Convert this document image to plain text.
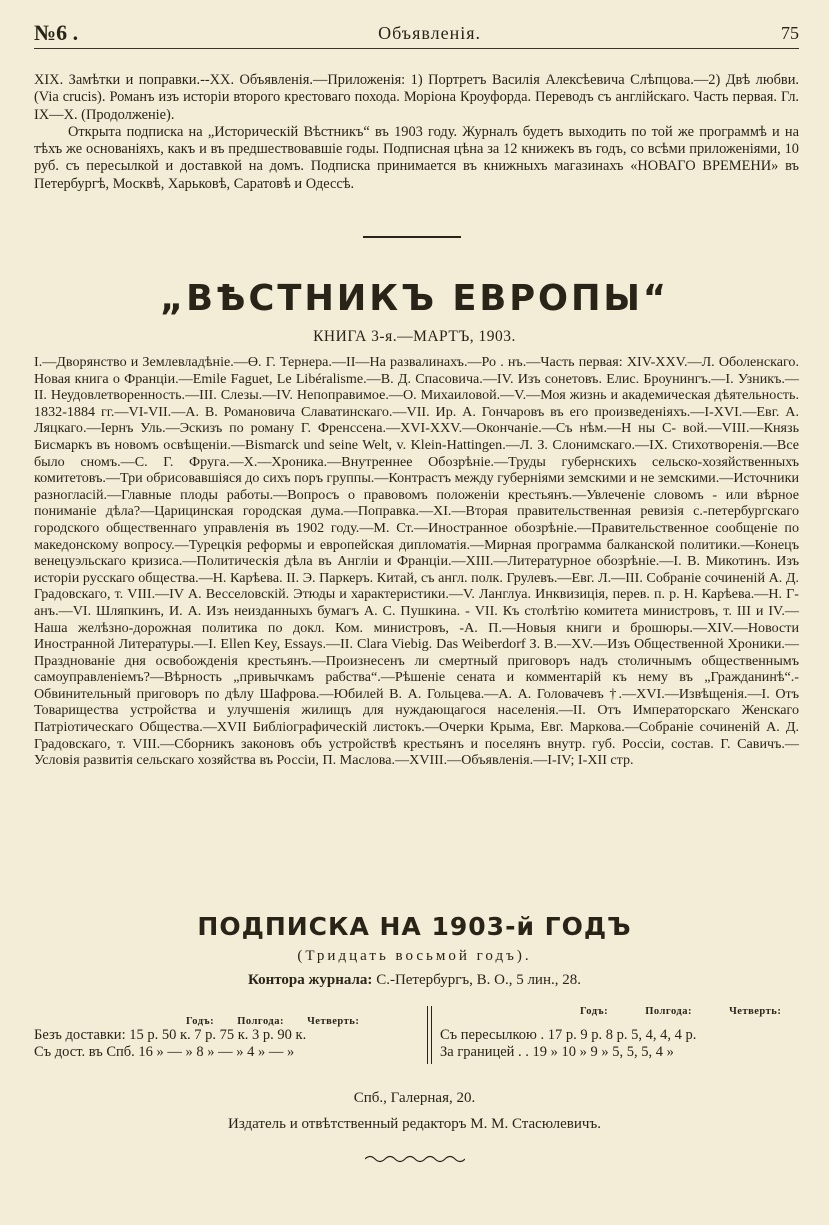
№6 .	Объявленія.	75

XIX. Замѣтки и поправки.--XX. Объявленія.—Приложенія: 1) Портретъ Василія Алексѣевича Слѣпцова.—2) Двѣ любви. (Via crucis). Романъ изъ исторіи второго крестоваго похода. Моріона Кроуфорда. Переводъ съ англійскаго. Часть первая. Гл. IX—X. (Продолженіе).

Открыта подписка на „Историческій Вѣстникъ“ въ 1903 году. Журналъ будетъ выходить по той же программѣ и на тѣхъ же основаніяхъ, какъ и въ предшествовавшіе годы. Подписная цѣна за 12 книжекъ въ годъ, со всѣми приложеніями, 10 руб. съ пересылкой и доставкой на домъ. Подписка принимается въ книжныхъ магазинахъ «НОВАГО ВРЕМЕНИ» въ Петербургѣ, Москвѣ, Харьковѣ, Саратовѣ и Одессѣ.

„ВѢСТНИКЪ ЕВРОПЫ“
КНИГА 3-я.—МАРТЪ, 1903.
I.—Дворянство и Землевладѣніе.—Ө. Г. Тернера.—II—На развалинахъ.—Ро . нъ.—Часть первая: XIV-XXV.—Л. Оболенскаго. Новая книга о Франціи.—Emile Faguet, Le Libéralisme.—В. Д. Спасовича.—IV. Изъ сонетовъ. Елис. Броунингъ.—I. Узникъ.—II. Неудовлетворенность.—III. Слезы.—IV. Непоправимое.—О. Михаиловой.—V.—Моя жизнь и академическая дѣятельность. 1832-1884 гг.—VI-VII.—А. В. Романовича Славатинскаго.—VII. Ир. А. Гончаровъ въ его произведеніяхъ.—I-XVI.—Евг. А. Ляцкаго.—Іернъ Уль.—Эскизъ по роману Г. Френссена.—XVI-XXV.—Окончаніе.—Съ нѣм.—Н ны С- вой.—VIII.—Князь Бисмаркъ въ новомъ освѣщеніи.—Bismarck und seine Welt, v. Klein-Hattingen.—Л. З. Слонимскаго.—IX. Стихотворенія.—Все было сномъ.—С. Г. Фруга.—Х.—Хроника.—Внутреннее Обозрѣніе.—Труды губернскихъ сельско-хозяйственныхъ комитетовъ.—Три обрисовавшіяся до сихъ поръ группы.—Контрастъ между губерніями земскими и не земскими.—Источники разногласій.—Главные плоды работы.—Вопросъ о правовомъ положеніи крестьянъ.—Увлеченіе словомъ - или вѣрное пониманіе дѣла?—Царицинская городская дума.—Поправка.—XI.—Вторая правительственная ревизія с.-петербургскаго городского общественнаго управленія въ 1902 году.—М. Ст.—Иностранное обозрѣніе.—Правительственное сообщеніе по македонскому вопросу.—Турецкія реформы и европейская дипломатія.—Мирная программа балканской политики.—Конецъ венецуэльскаго кризиса.—Политическія дѣла въ Англіи и Франціи.—XIII.—Литературное обозрѣніе.—I. В. Микотинъ. Изъ исторіи русскаго общества.—Н. Карѣева. II. Э. Паркеръ. Китай, съ англ. полк. Грулевъ.—Евг. Л.—III. Собраніе сочиненій А. Д. Градовскаго, т. VIII.—IV А. Весcеловскій. Этюды и характеристики.—V. Ланглуа. Инквизиція, перев. п. р. Н. Карѣева.—Н. Г-анъ.—VI. Шляпкинъ, И. А. Изъ неизданныхъ бумагъ А. С. Пушкина. - VII. Къ столѣтію комитета министровъ, т. III и IV.—Наша желѣзно-дорожная политика по докл. Ком. министровъ, -А. П.—Новыя книги и брошюры.—XIV.—Новости Иностранной Литературы.—I. Ellen Key, Essays.—II. Clara Viebig. Das Weiberdorf З. В.—XV.—Изъ Общественной Хроники.—Празднованіе дня освобожденія крестьянъ.—Произнесенъ ли смертный приговоръ надъ столичнымъ общественнымъ самоуправленіемъ?—Вѣрность „привычкамъ рабства“.—Рѣшеніе сената и комментарій къ нему въ „Гражданинѣ“.- Обвинительный приговоръ по дѣлу Шафрова.—Юбилей В. А. Гольцева.—А. А. Головачевъ †.—XVI.—Извѣщенія.—I. Отъ Товарищества устройства и улучшенія жилищъ для нуждающагося населенія.—II. Отъ Императорскаго Женскаго Патріотическаго Общества.—XVII Библіографическій листокъ.—Очерки Крыма, Евг. Маркова.—Собраніе сочиненій А. Д. Градовскаго, т. VIII.—Сборникъ законовъ объ устройствѣ крестьянъ и поселянъ внутр. губ. Россіи, состав. Г. Савичъ.—Условія развитія сельскаго хозяйства въ Россіи, П. Маслова.—XVIII.—Объявленія.—I-IV; I-XII стр.
ПОДПИСКА НА 1903-й ГОДЪ
(Тридцать восьмой годъ).
Контора журнала: С.-Петербургъ, В. О., 5 лин., 28.
Годъ: Полгода: Четверть:
Безъ доставки: 15 р. 50 к. 7 р. 75 к. 3 р. 90 к.
Съ дост. въ Спб. 16 » — » 8 » — » 4 » — »
Годъ:	Полгода:	Четверть:
Съ пересылкою . 17 р. 9 р. 8 р. 5, 4, 4, 4 р.
За границей . . 19 » 10 » 9 » 5, 5, 5, 4 »
Спб., Галерная, 20.
Издатель и отвѣтственный редакторъ М. М. Стасюлевичъ.
